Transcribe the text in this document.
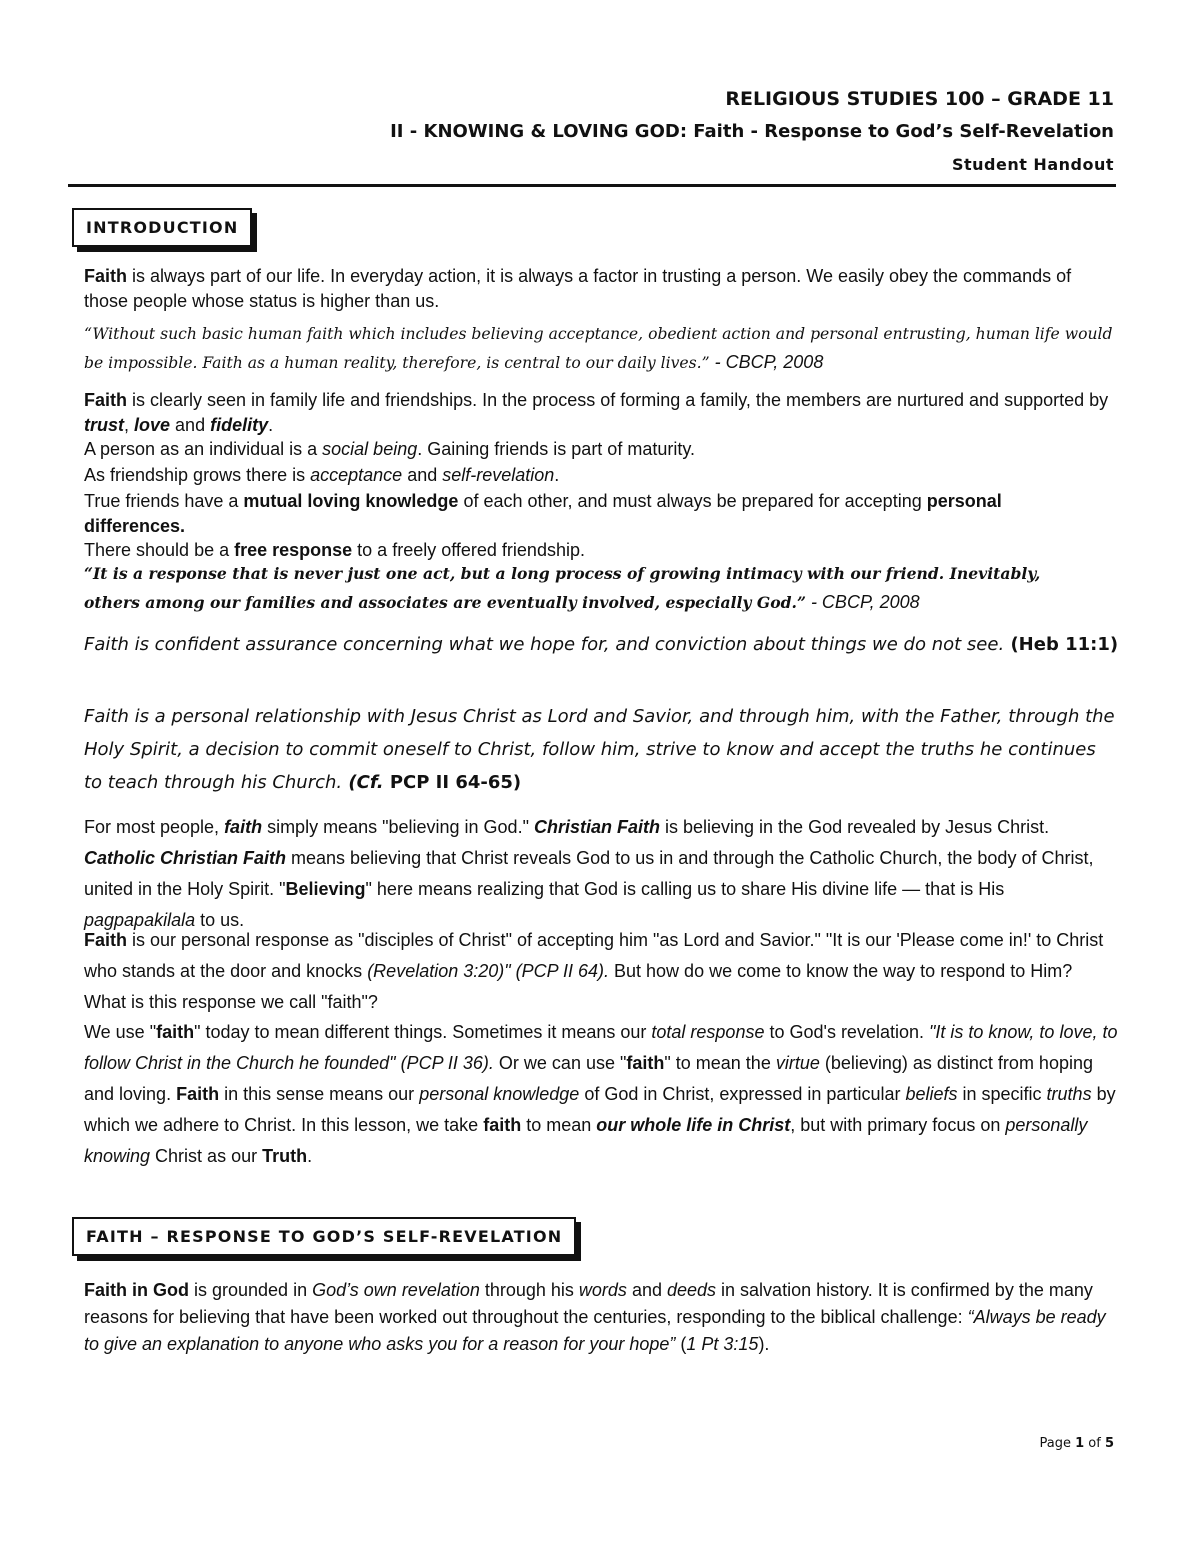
RELIGIOUS STUDIES 100 – GRADE 11
II - KNOWING & LOVING GOD: Faith - Response to God’s Self-Revelation
Student Handout
INTRODUCTION
Faith is always part of our life. In everyday action, it is always a factor in trusting a person. We easily obey the commands of those people whose status is higher than us.
“Without such basic human faith which includes believing acceptance, obedient action and personal entrusting, human life would be impossible. Faith as a human reality, therefore, is central to our daily lives.” - CBCP, 2008
Faith is clearly seen in family life and friendships. In the process of forming a family, the members are nurtured and supported by trust, love and fidelity.
A person as an individual is a social being. Gaining friends is part of maturity.
As friendship grows there is acceptance and self-revelation.
True friends have a mutual loving knowledge of each other, and must always be prepared for accepting personal differences.
There should be a free response to a freely offered friendship.
“It is a response that is never just one act, but a long process of growing intimacy with our friend. Inevitably, others among our families and associates are eventually involved, especially God.” - CBCP, 2008
Faith is confident assurance concerning what we hope for, and conviction about things we do not see. (Heb 11:1)
Faith is a personal relationship with Jesus Christ as Lord and Savior, and through him, with the Father, through the Holy Spirit, a decision to commit oneself to Christ, follow him, strive to know and accept the truths he continues to teach through his Church. (Cf. PCP II 64-65)
For most people, faith simply means "believing in God." Christian Faith is believing in the God revealed by Jesus Christ. Catholic Christian Faith means believing that Christ reveals God to us in and through the Catholic Church, the body of Christ, united in the Holy Spirit. "Believing" here means realizing that God is calling us to share His divine life — that is His pagpapakilala to us.
Faith is our personal response as "disciples of Christ" of accepting him "as Lord and Savior." "It is our 'Please come in!' to Christ who stands at the door and knocks (Revelation 3:20)" (PCP II 64). But how do we come to know the way to respond to Him? What is this response we call "faith"?
We use "faith" today to mean different things. Sometimes it means our total response to God's revelation. "It is to know, to love, to follow Christ in the Church he founded" (PCP II 36). Or we can use "faith" to mean the virtue (believing) as distinct from hoping and loving. Faith in this sense means our personal knowledge of God in Christ, expressed in particular beliefs in specific truths by which we adhere to Christ. In this lesson, we take faith to mean our whole life in Christ, but with primary focus on personally knowing Christ as our Truth.
FAITH – RESPONSE TO GOD’S SELF-REVELATION
Faith in God is grounded in God’s own revelation through his words and deeds in salvation history. It is confirmed by the many reasons for believing that have been worked out throughout the centuries, responding to the biblical challenge: “Always be ready to give an explanation to anyone who asks you for a reason for your hope” (1 Pt 3:15).
Page 1 of 5
